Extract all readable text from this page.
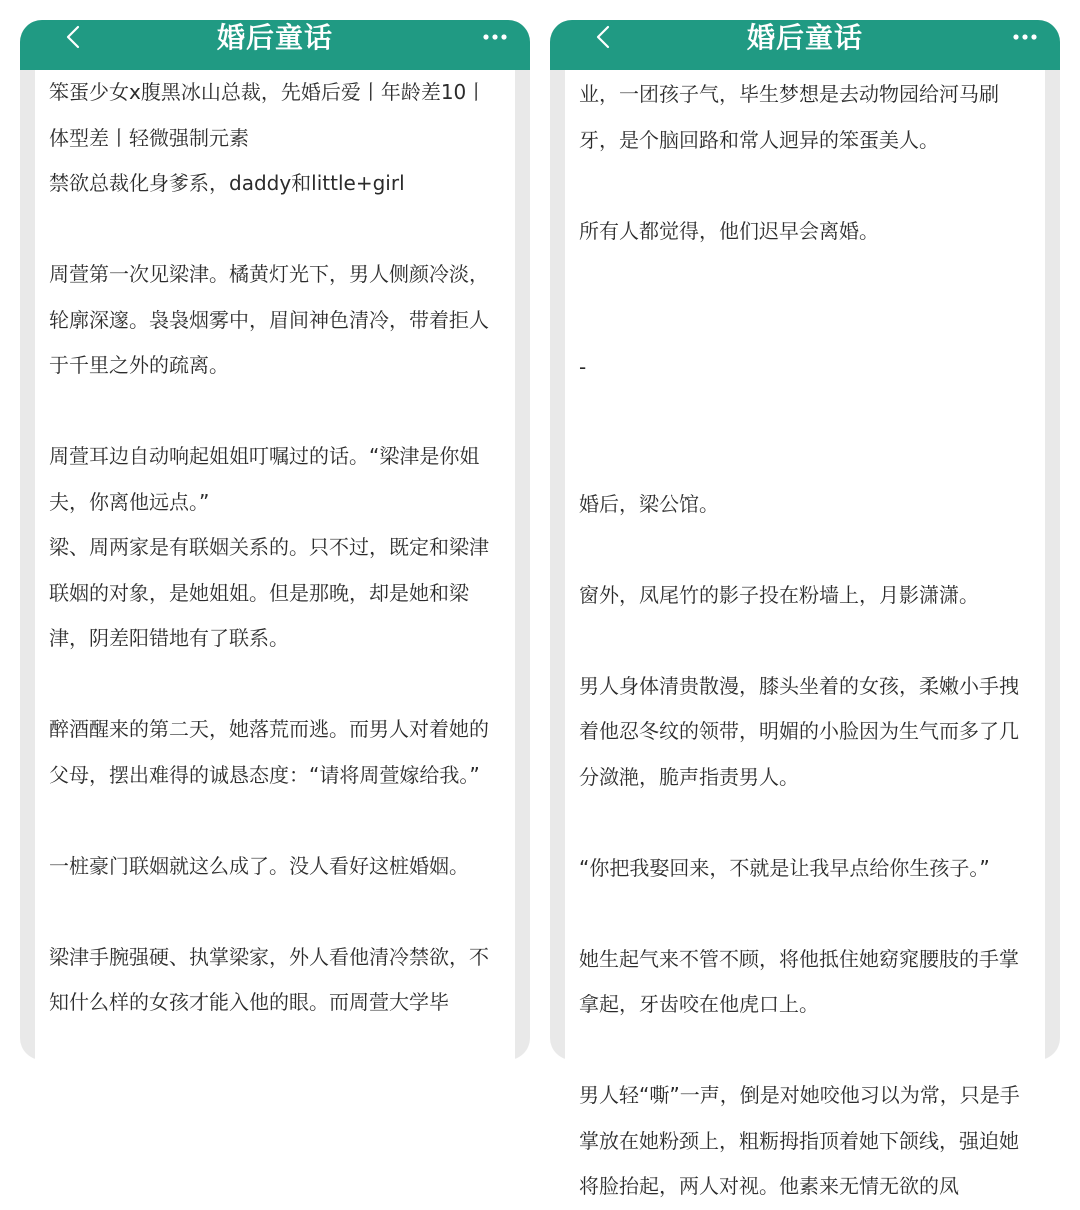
婚后童话

笨蛋少女x腹黑冰山总裁，先婚后爱丨年龄差10丨体型差丨轻微强制元素

禁欲总裁化身爹系，daddy和little+girl

周萱第一次见梁津。橘黄灯光下，男人侧颜冷淡，轮廓深邃。袅袅烟雾中，眉间神色清冷，带着拒人于千里之外的疏离。

周萱耳边自动响起姐姐叮嘱过的话。“梁津是你姐夫，你离他远点。”

梁、周两家是有联姻关系的。只不过，既定和梁津联姻的对象，是她姐姐。但是那晚，却是她和梁津，阴差阳错地有了联系。

醉酒醒来的第二天，她落荒而逃。而男人对着她的父母，摆出难得的诚恳态度：“请将周萱嫁给我。”

一桩豪门联姻就这么成了。没人看好这桩婚姻。

梁津手腕强硬、执掌梁家，外人看他清冷禁欲，不知什么样的女孩才能入他的眼。而周萱大学毕

婚后童话

业，一团孩子气，毕生梦想是去动物园给河马刷牙，是个脑回路和常人迥异的笨蛋美人。

所有人都觉得，他们迟早会离婚。

-

婚后，梁公馆。

窗外，凤尾竹的影子投在粉墙上，月影潇潇。

男人身体清贵散漫，膝头坐着的女孩，柔嫩小手拽着他忍冬纹的领带，明媚的小脸因为生气而多了几分潋滟，脆声指责男人。

“你把我娶回来，不就是让我早点给你生孩子。”

她生起气来不管不顾，将他抵住她窈窕腰肢的手掌拿起，牙齿咬在他虎口上。

男人轻“嘶”一声，倒是对她咬他习以为常，只是手掌放在她粉颈上，粗粝拇指顶着她下颌线，强迫她将脸抬起，两人对视。他素来无情无欲的凤
